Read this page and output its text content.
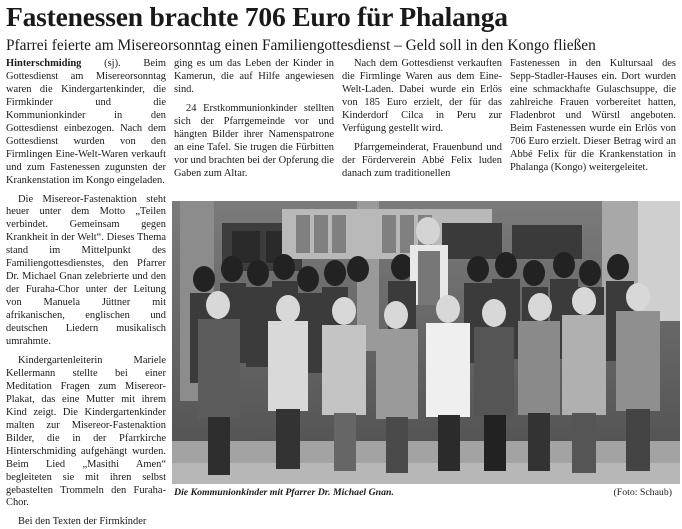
Fastenessen brachte 706 Euro für Phalanga
Pfarrei feierte am Misereorsonntag einen Familiengottesdienst – Geld soll in den Kongo fließen

Hinterschmiding (sj). Beim Gottesdienst am Misereorsonntag waren die Kindergartenkinder, die Firmkinder und die Kommunionkinder in den Gottesdienst einbezogen. Nach dem Gottesdienst wurden von den Firmlingen Eine-Welt-Waren verkauft und zum Fastenessen zugunsten der Krankenstation im Kongo eingeladen.

Die Misereor-Fastenaktion steht heuer unter dem Motto „Teilen verbindet. Gemeinsam gegen Krankheit in der Welt“. Dieses Thema stand im Mittelpunkt des Familiengottesdienstes, den Pfarrer Dr. Michael Gnan zelebrierte und den der Furaha-Chor unter der Leitung von Manuela Jüttner mit afrikanischen, englischen und deutschen Liedern musikalisch umrahmte.

Kindergartenleiterin Mariele Kellermann stellte bei einer Meditation Fragen zum Misereor-Plakat, das eine Mutter mit ihrem Kind zeigt. Die Kindergartenkinder malten zur Misereor-Fastenaktion Bilder, die in der Pfarrkirche Hinterschmiding aufgehängt wurden. Beim Lied „Masithi Amen“ begleiteten sie mit ihren selbst gebastelten Trommeln den Furaha-Chor.

Bei den Texten der Firmkinder

ging es um das Leben der Kinder in Kamerun, die auf Hilfe angewiesen sind.

24 Erstkommunionkinder stellten sich der Pfarrgemeinde vor und hängten Bilder ihrer Namenspatrone an eine Tafel. Sie trugen die Fürbitten vor und brachten bei der Opferung die Gaben zum Altar.

Nach dem Gottesdienst verkauften die Firmlinge Waren aus dem Eine-Welt-Laden. Dabei wurde ein Erlös von 185 Euro erzielt, der für das Kinderdorf Cilca in Peru zur Verfügung gestellt wird.

Pfarrgemeinderat, Frauenbund und der Förderverein Abbé Felix luden danach zum traditionellen

Fastenessen in den Kultursaal des Sepp-Stadler-Hauses ein. Dort wurden eine schmackhafte Gulaschsuppe, die zahlreiche Frauen vorbereitet hatten, Fladenbrot und Würstl angeboten. Beim Fastenessen wurde ein Erlös von 706 Euro erzielt. Dieser Betrag wird an Abbé Felix für die Krankenstation in Phalanga (Kongo) weitergeleitet.

Die Kommunionkinder mit Pfarrer Dr. Michael Gnan.	(Foto: Schaub)
